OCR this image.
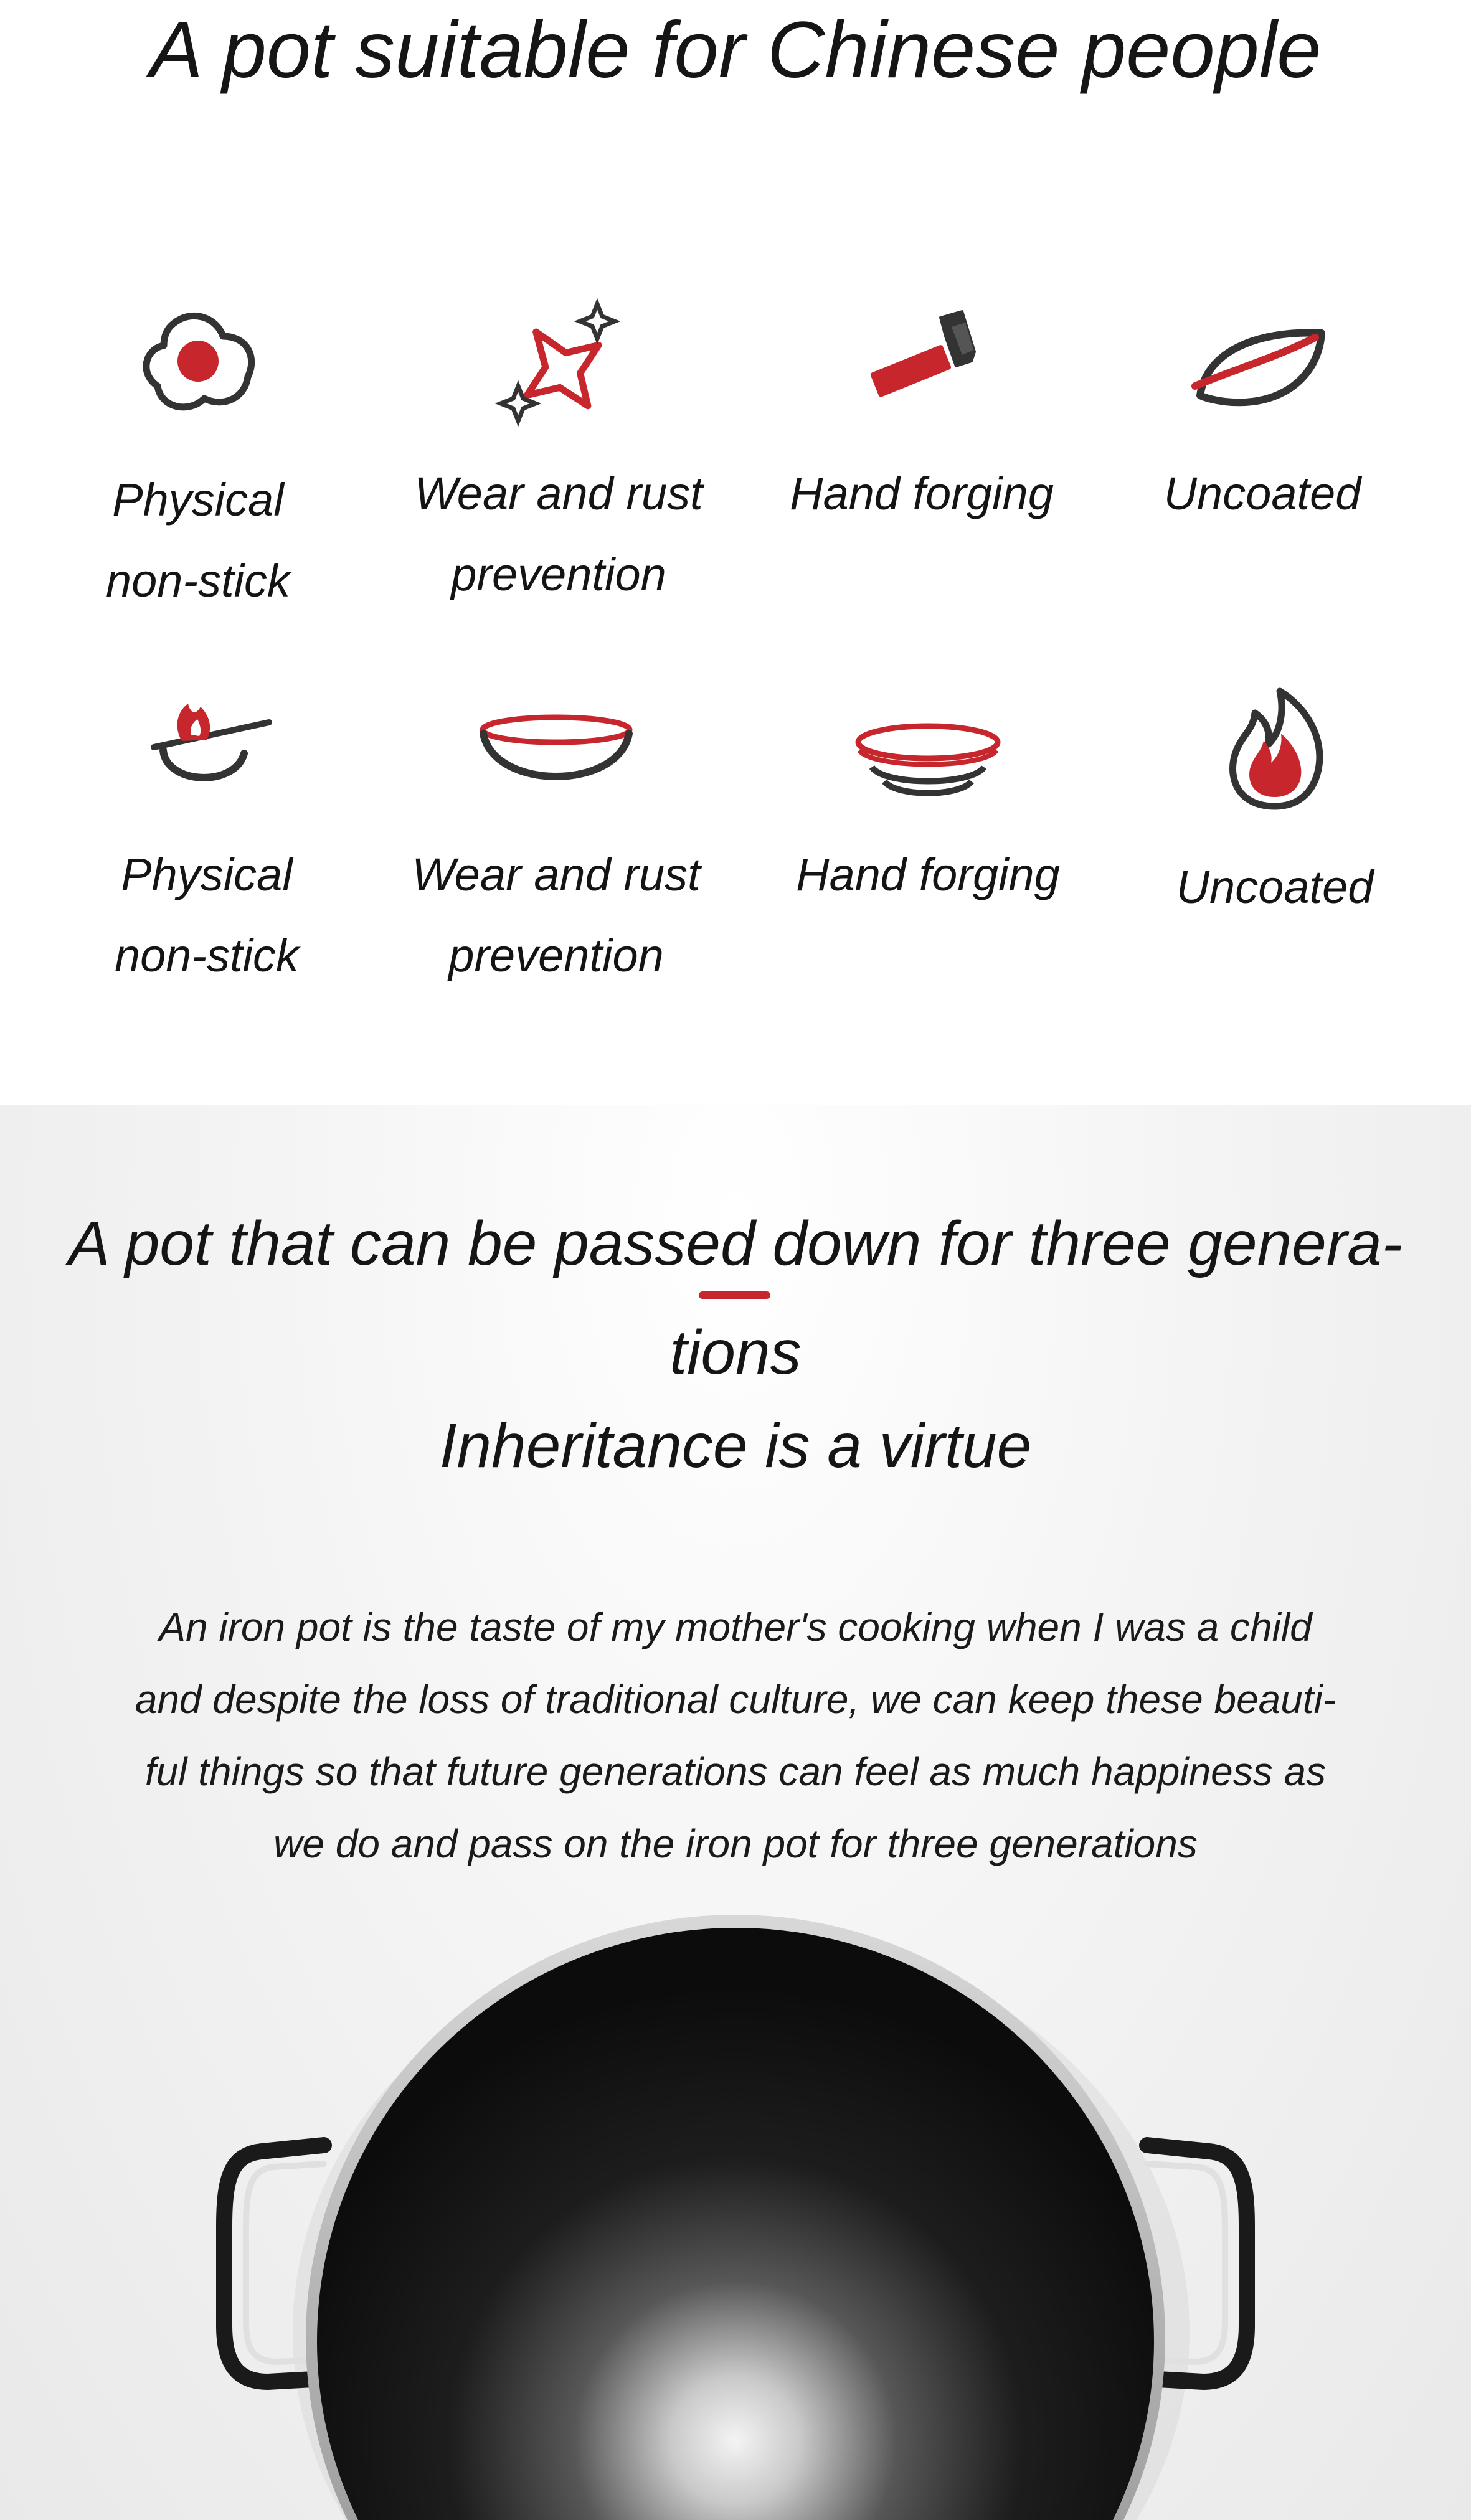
A pot suitable for Chinese people
Physical
non-stick
Wear and rust
prevention
Hand forging	Uncoated
Physical
non-stick
Wear and rust
prevention
Hand forging	Uncoated
A pot that can be passed down for three genera-
tions
Inheritance is a virtue

An iron pot is the taste of my mother's cooking when I was a child
and despite the loss of traditional culture, we can keep these beauti-
ful things so that future generations can feel as much happiness as
we do and pass on the iron pot for three generations
